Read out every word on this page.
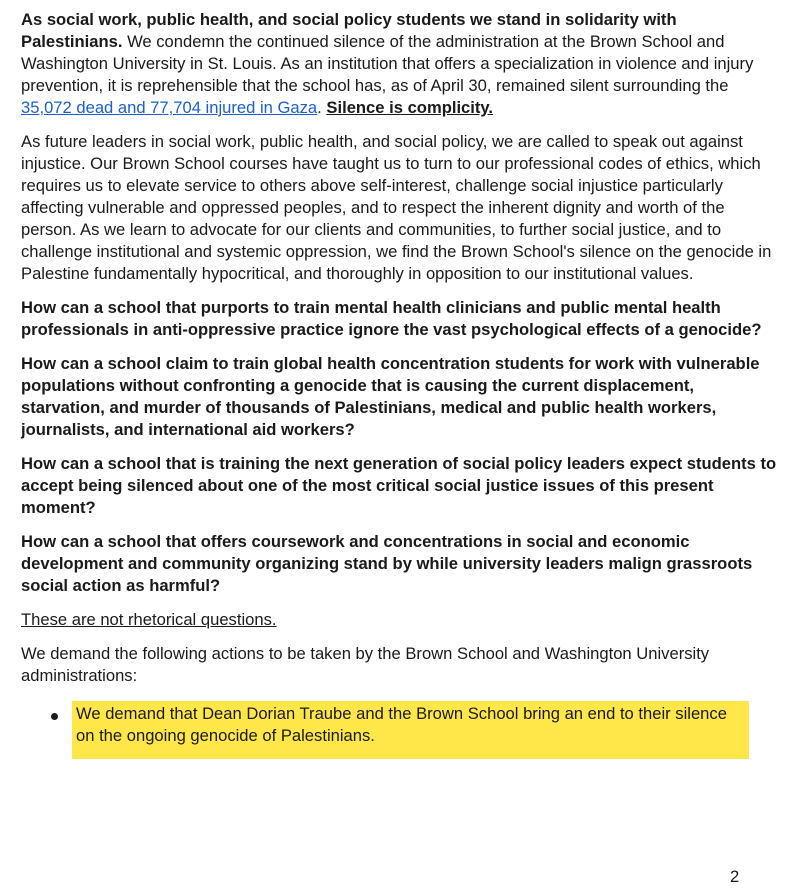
As social work, public health, and social policy students we stand in solidarity with Palestinians. We condemn the continued silence of the administration at the Brown School and Washington University in St. Louis. As an institution that offers a specialization in violence and injury prevention, it is reprehensible that the school has, as of April 30, remained silent surrounding the 35,072 dead and 77,704 injured in Gaza. Silence is complicity.

As future leaders in social work, public health, and social policy, we are called to speak out against injustice. Our Brown School courses have taught us to turn to our professional codes of ethics, which requires us to elevate service to others above self-interest, challenge social injustice particularly affecting vulnerable and oppressed peoples, and to respect the inherent dignity and worth of the person. As we learn to advocate for our clients and communities, to further social justice, and to challenge institutional and systemic oppression, we find the Brown School's silence on the genocide in Palestine fundamentally hypocritical, and thoroughly in opposition to our institutional values.

How can a school that purports to train mental health clinicians and public mental health professionals in anti-oppressive practice ignore the vast psychological effects of a genocide?

How can a school claim to train global health concentration students for work with vulnerable populations without confronting a genocide that is causing the current displacement, starvation, and murder of thousands of Palestinians, medical and public health workers, journalists, and international aid workers?

How can a school that is training the next generation of social policy leaders expect students to accept being silenced about one of the most critical social justice issues of this present moment?

How can a school that offers coursework and concentrations in social and economic development and community organizing stand by while university leaders malign grassroots social action as harmful?

These are not rhetorical questions.

We demand the following actions to be taken by the Brown School and Washington University administrations:

We demand that Dean Dorian Traube and the Brown School bring an end to their silence on the ongoing genocide of Palestinians.
2
